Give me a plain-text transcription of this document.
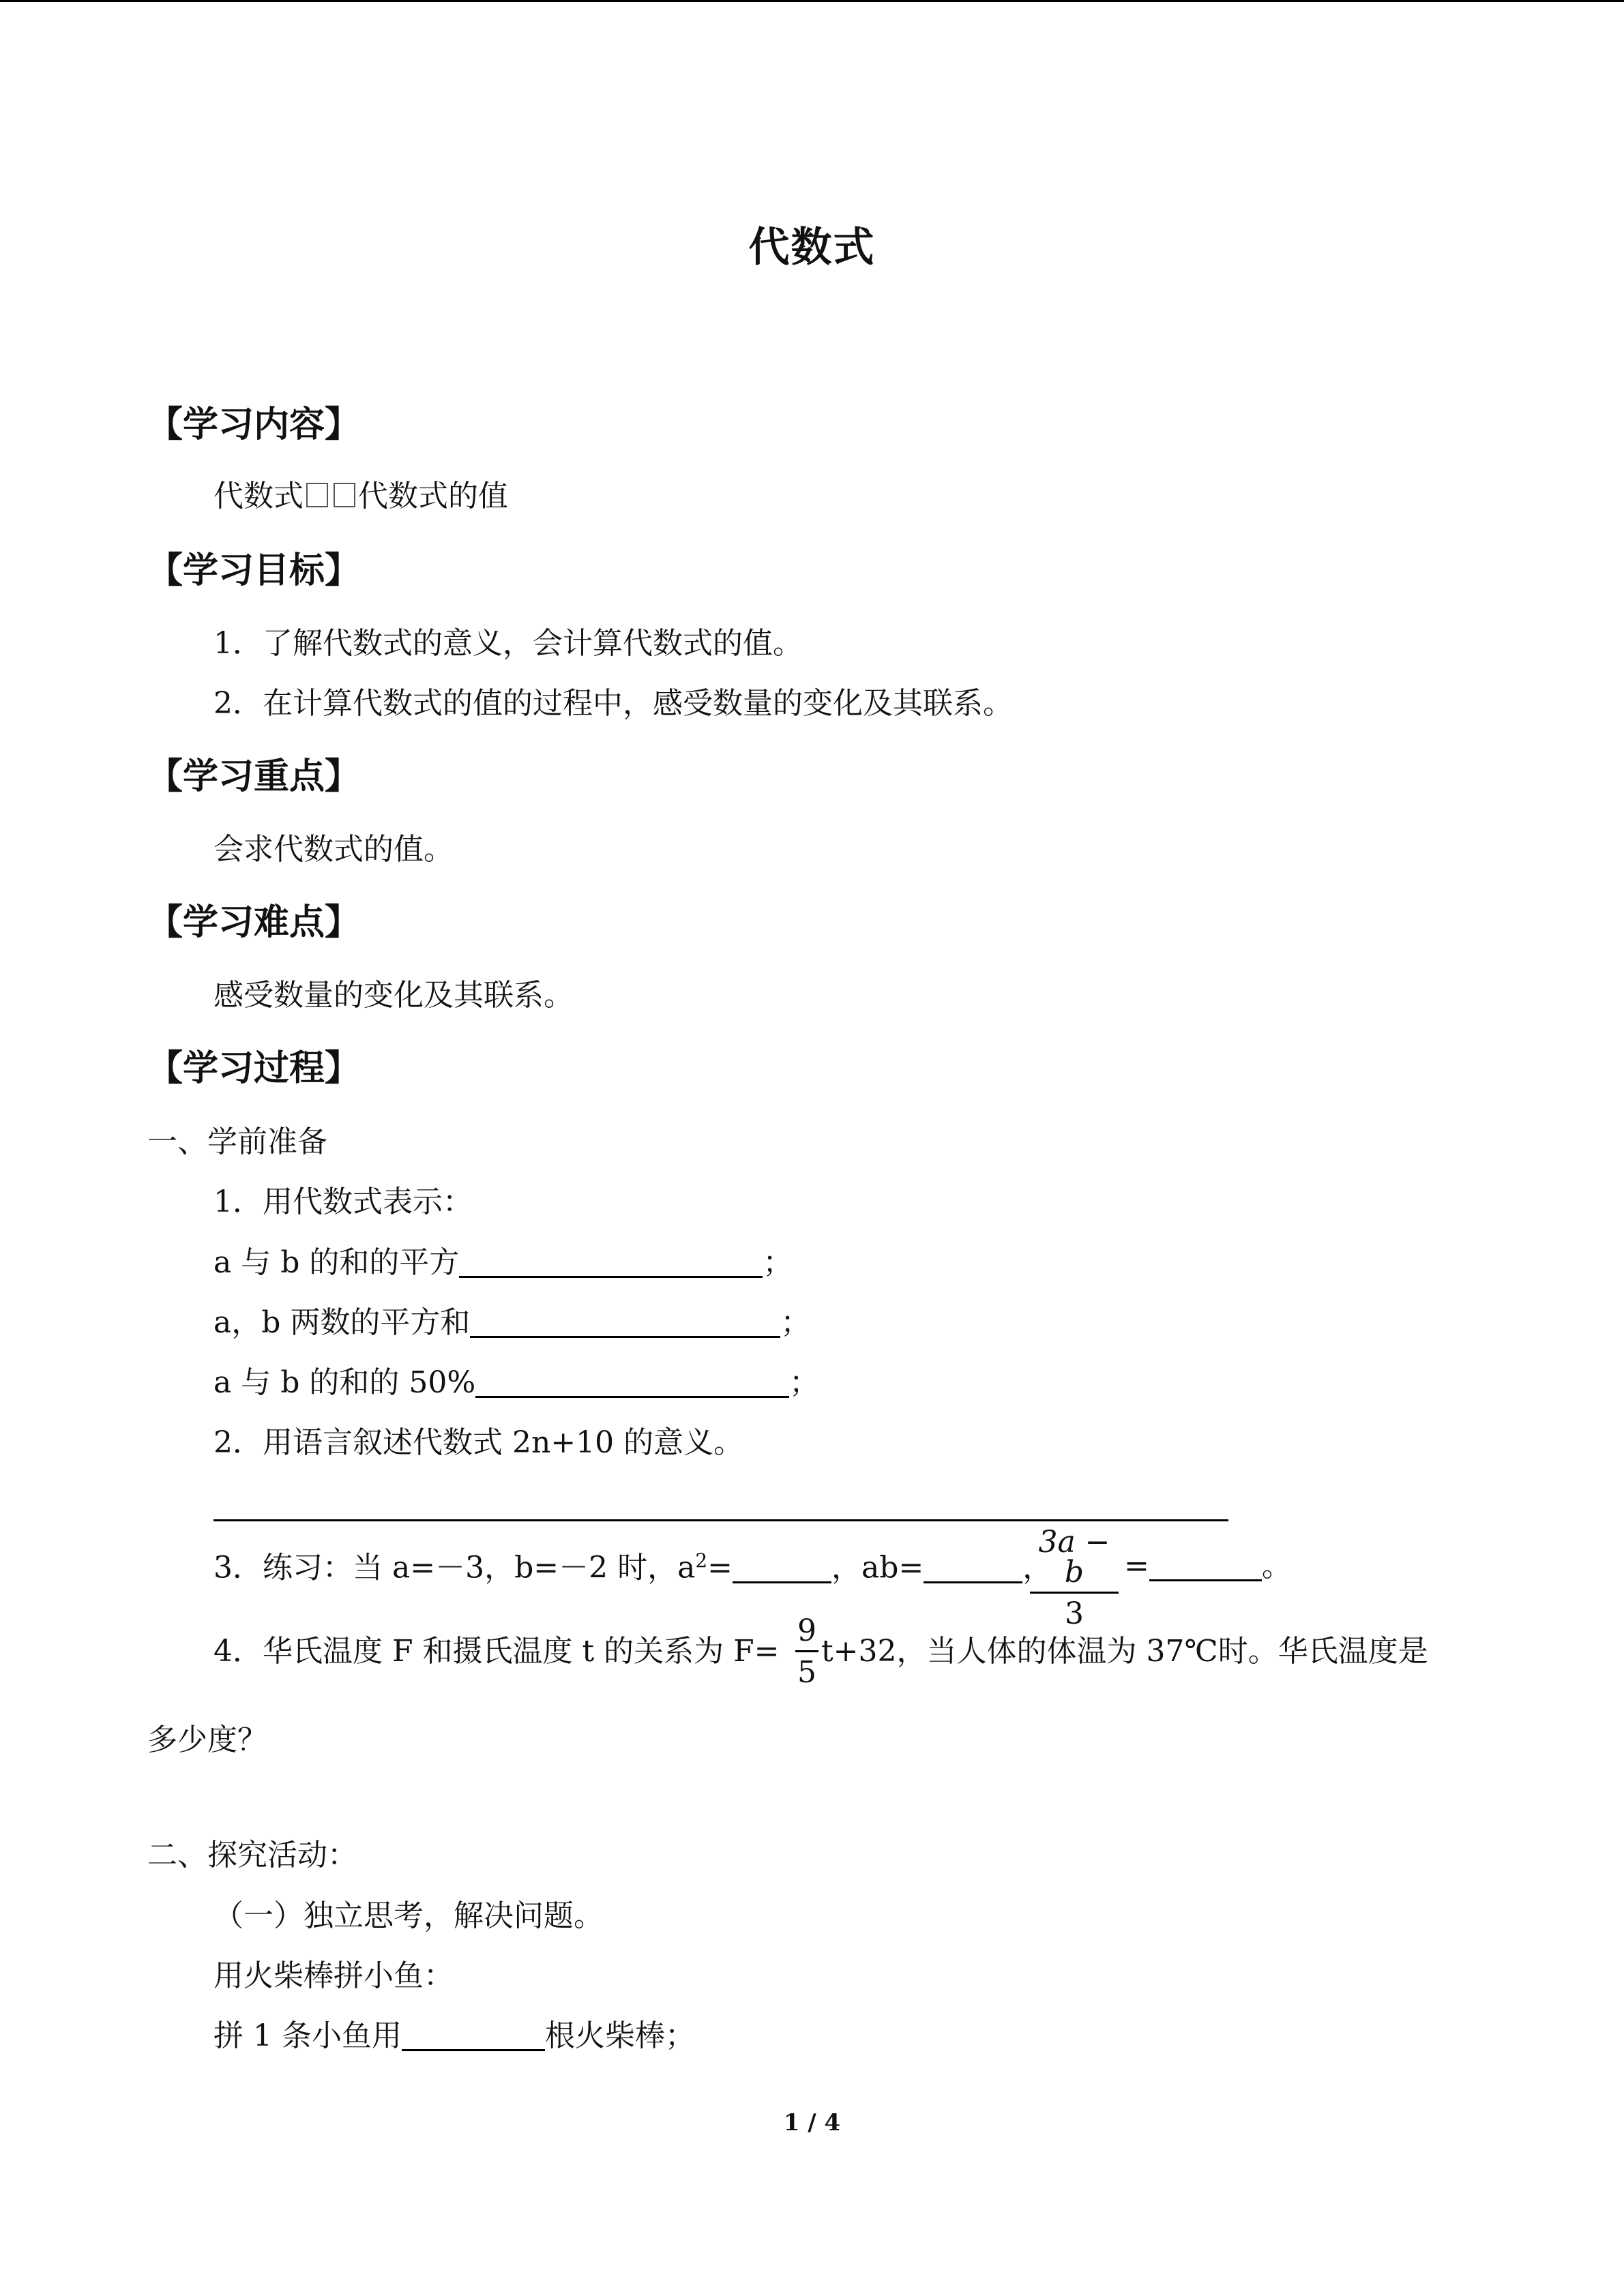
代数式
【学习内容】
代数式 代数式的值
【学习目标】
1．了解代数式的意义，会计算代数式的值。
2．在计算代数式的值的过程中，感受数量的变化及其联系。
【学习重点】
会求代数式的值。
【学习难点】
感受数量的变化及其联系。
【学习过程】
一、学前准备
1．用代数式表示：
a 与 b 的和的平方	；
a，b 两数的平方和	；
a 与 b 的和的 50%	；
2．用语言叙述代数式 2n+10 的意义。
3．练习：当 a=－3，b=－2 时，$a^2=$	，ab=	，
3a − b
3
=	。
4．华氏温度 F 和摄氏温度 t 的关系为 F=
9
5
t+32，当人体的体温为 37℃时。华氏温度是
多少度？
二、探究活动：
（一）独立思考，解决问题。
用火柴棒拼小鱼：
拼 1 条小鱼用	根火柴棒；
1 / 4
